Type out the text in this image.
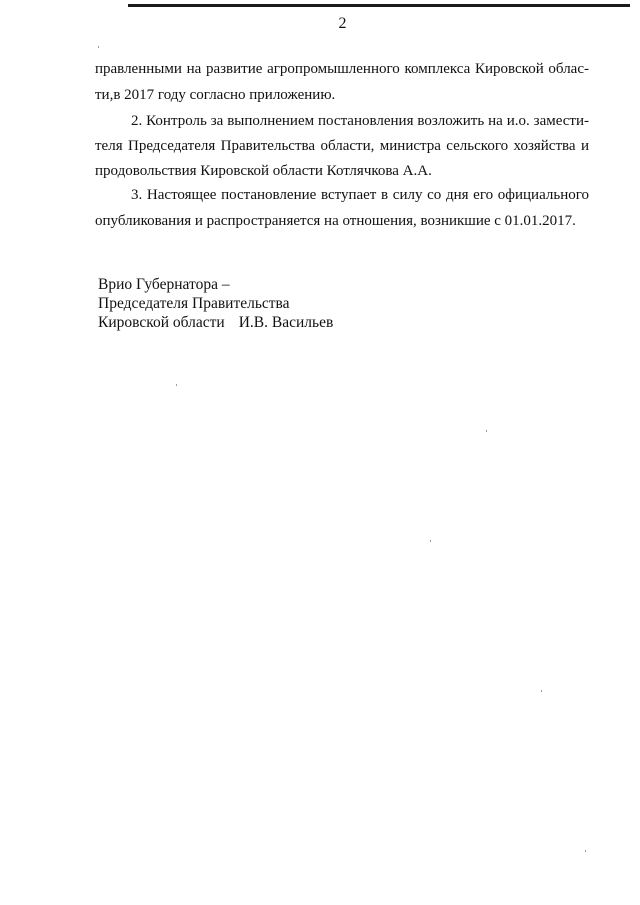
2
правленными на развитие агропромышленного комплекса Кировской облас-
ти,в 2017 году согласно приложению.
2. Контроль за выполнением постановления возложить на и.о. замести-
теля Председателя Правительства области, министра сельского хозяйства и
продовольствия Кировской области Котлячкова А.А.
3. Настоящее постановление вступает в силу со дня его официального
опубликования и распространяется на отношения, возникшие с 01.01.2017.
Врио Губернатора –
Председателя Правительства
Кировской области И.В. Васильев
